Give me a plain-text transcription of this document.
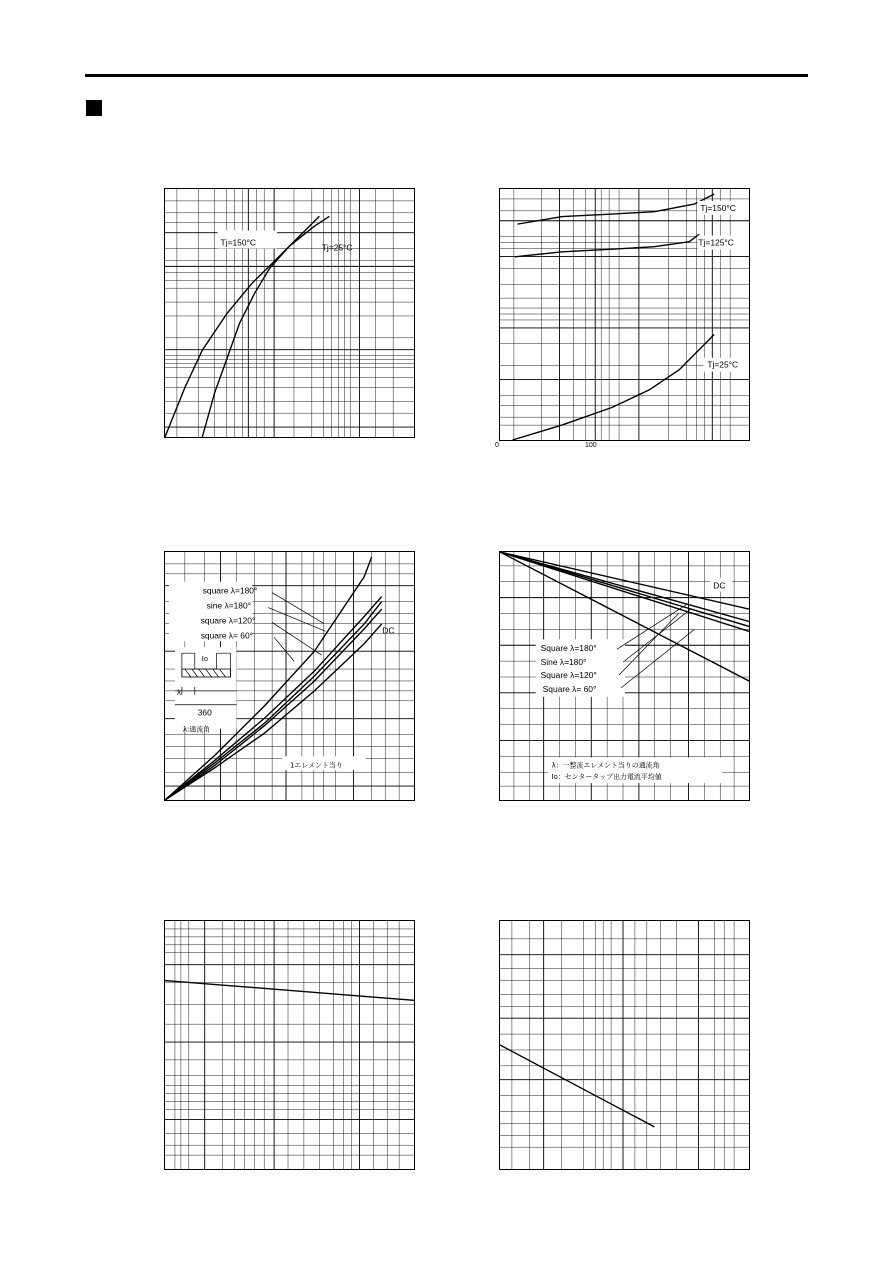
Tj=150°C	Tj=25°C
Tj=150°C
Tj=125°C
Tj=25°C
0	100
square λ=180°
sine λ=180°
square λ=120°
square λ= 60°	DC
Io
λ
360
λ:通流角
1エレメント当り
DC
Square λ=180°
Sine λ=180°
Square λ=120°
Square λ= 60°
λ：一整流エレメント当りの通流角
Io：センタータップ出力電流平均値
